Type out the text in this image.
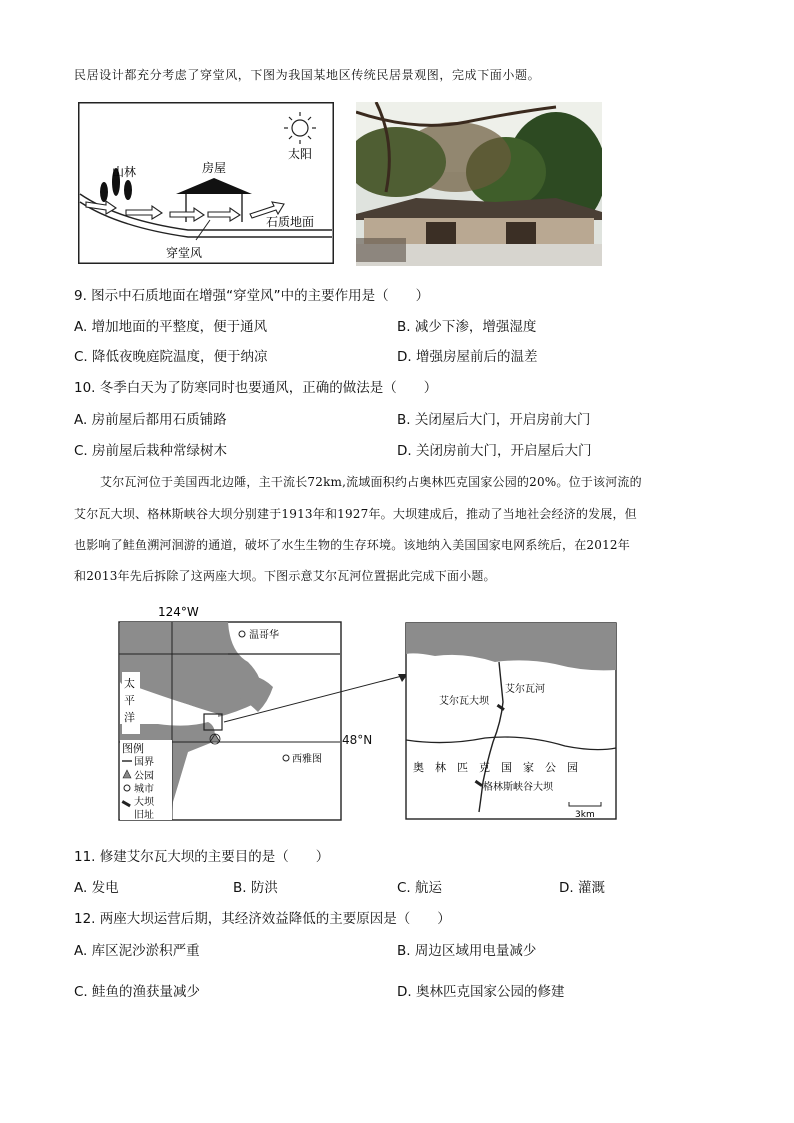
民居设计都充分考虑了穿堂风，下图为我国某地区传统民居景观图，完成下面小题。
山林	房屋
太阳
石质地面
穿堂风
9. 图示中石质地面在增强“穿堂风”中的主要作用是（　　）
A. 增加地面的平整度，便于通风	B. 减少下渗，增强湿度
C. 降低夜晚庭院温度，便于纳凉	D. 增强房屋前后的温差
10. 冬季白天为了防寒同时也要通风，正确的做法是（　　）
A. 房前屋后都用石质铺路	B. 关闭屋后大门，开启房前大门
C. 房前屋后栽种常绿树木	D. 关闭房前大门，开启屋后大门
艾尔瓦河位于美国西北边陲，主干流长72km,流域面积约占奥林匹克国家公园的20%。位于该河流的
艾尔瓦大坝、格林斯峡谷大坝分别建于1913年和1927年。大坝建成后，推动了当地社会经济的发展，但
也影响了鲑鱼溯河洄游的通道，破坏了水生生物的生存环境。该地纳入美国国家电网系统后，在2012年
和2013年先后拆除了这两座大坝。下图示意艾尔瓦河位置据此完成下面小题。
124°W
温哥华
西雅图
太
平
洋
图例
国界
公园
城市
大坝
旧址
48°N
艾尔瓦河
艾尔瓦大坝
奥　林　匹　克　国　家　公　园
格林斯峡谷大坝
3km
11. 修建艾尔瓦大坝的主要目的是（　　）
A. 发电	B. 防洪	C. 航运	D. 灌溉
12. 两座大坝运营后期，其经济效益降低的主要原因是（　　）
A. 库区泥沙淤积严重	B. 周边区域用电量减少
C. 鲑鱼的渔获量减少	D. 奥林匹克国家公园的修建
